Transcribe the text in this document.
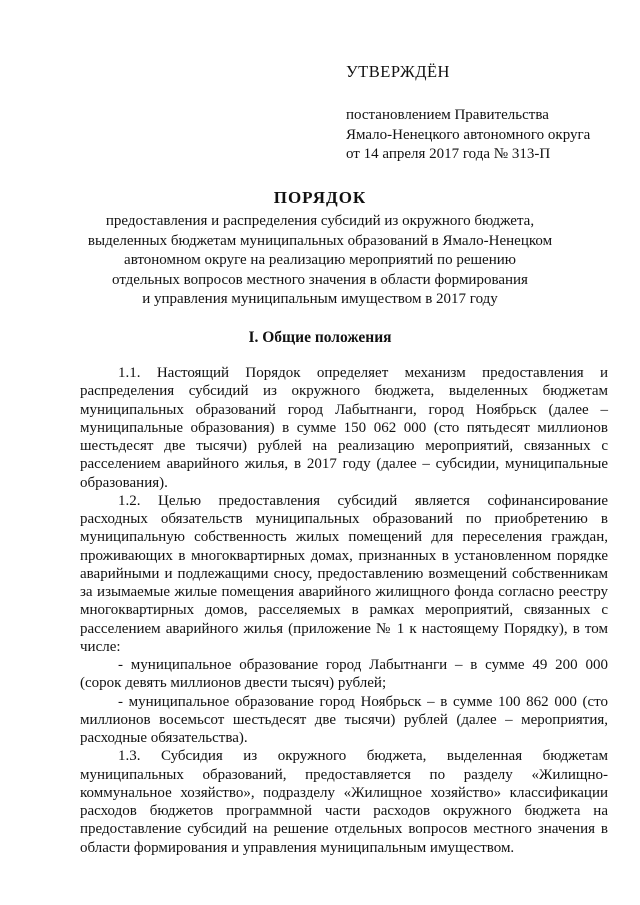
УТВЕРЖДЁН
постановлением Правительства
Ямало-Ненецкого автономного округа
от 14 апреля 2017 года № 313-П
ПОРЯДОК
предоставления и распределения субсидий из окружного бюджета,
выделенных бюджетам муниципальных образований в Ямало-Ненецком
автономном округе на реализацию мероприятий по решению
отдельных вопросов местного значения в области формирования
и управления муниципальным имуществом в 2017 году
I. Общие положения

1.1. Настоящий Порядок определяет механизм предоставления и распределения субсидий из окружного бюджета, выделенных бюджетам муниципальных образований город Лабытнанги, город Ноябрьск (далее – муниципальные образования) в сумме 150 062 000 (сто пятьдесят миллионов шестьдесят две тысячи) рублей на реализацию мероприятий, связанных с расселением аварийного жилья, в 2017 году (далее – субсидии, муниципальные образования).

1.2. Целью предоставления субсидий является софинансирование расходных обязательств муниципальных образований по приобретению в муниципальную собственность жилых помещений для переселения граждан, проживающих в многоквартирных домах, признанных в установленном порядке аварийными и подлежащими сносу, предоставлению возмещений собственникам за изымаемые жилые помещения аварийного жилищного фонда согласно реестру многоквартирных домов, расселяемых в рамках мероприятий, связанных с расселением аварийного жилья (приложение № 1 к настоящему Порядку), в том числе:

- муниципальное образование город Лабытнанги – в сумме 49 200 000 (сорок девять миллионов двести тысяч) рублей;

- муниципальное образование город Ноябрьск – в сумме 100 862 000 (сто миллионов восемьсот шестьдесят две тысячи) рублей (далее – мероприятия, расходные обязательства).

1.3. Субсидия из окружного бюджета, выделенная бюджетам муниципальных образований, предоставляется по разделу «Жилищно-коммунальное хозяйство», подразделу «Жилищное хозяйство» классификации расходов бюджетов программной части расходов окружного бюджета на предоставление субсидий на решение отдельных вопросов местного значения в области формирования и управления муниципальным имуществом.
